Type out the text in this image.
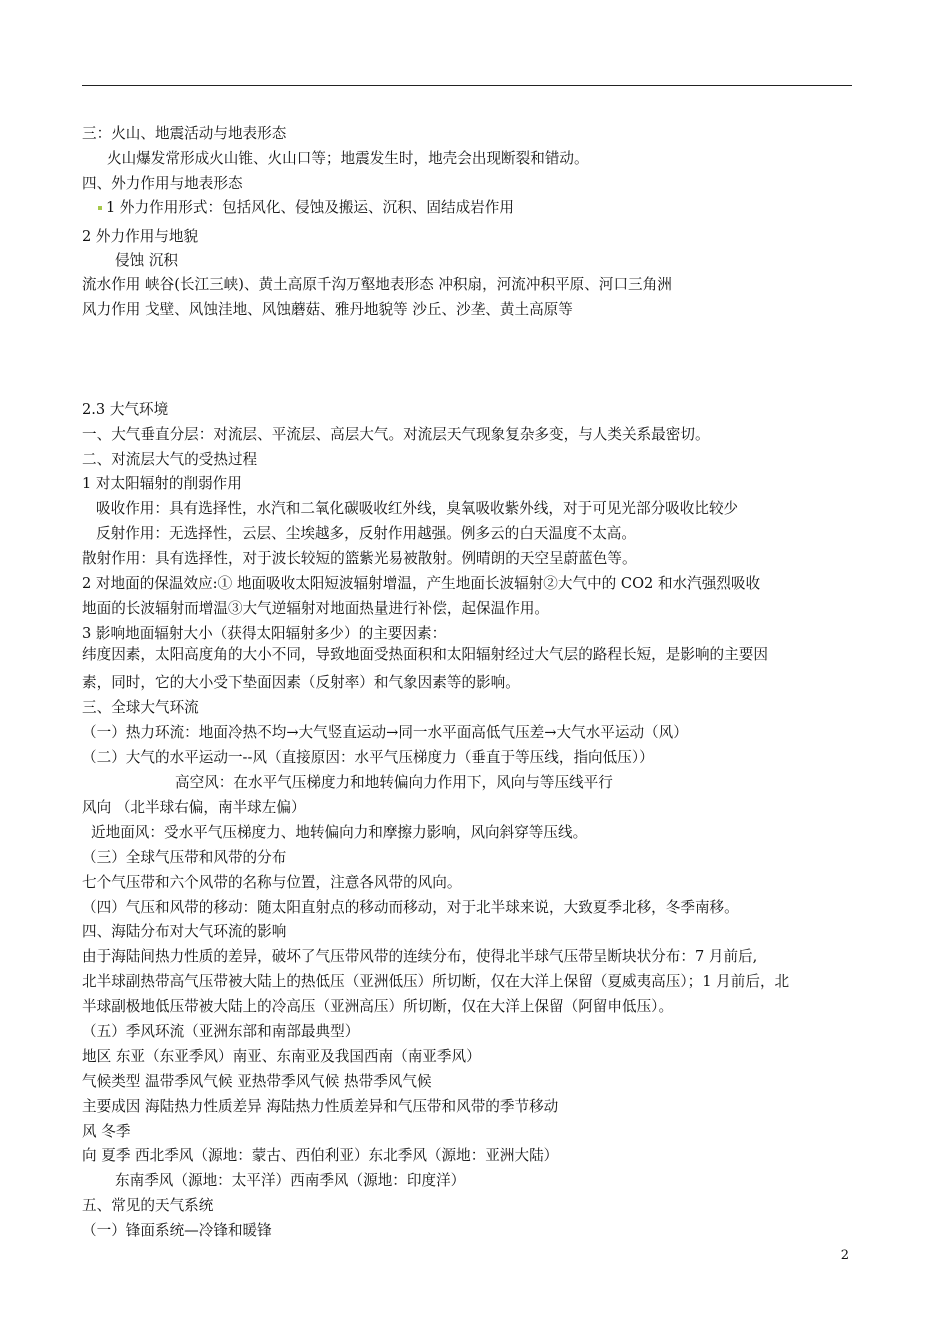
三：火山、地震活动与地表形态
火山爆发常形成火山锥、火山口等；地震发生时，地壳会出现断裂和错动。
四、外力作用与地表形态
1 外力作用形式：包括风化、侵蚀及搬运、沉积、固结成岩作用
2 外力作用与地貌
侵蚀 沉积
流水作用 峡谷(长江三峡)、黄土高原千沟万壑地表形态 冲积扇，河流冲积平原、河口三角洲
风力作用 戈壁、风蚀洼地、风蚀蘑菇、雅丹地貌等 沙丘、沙垄、黄土高原等
2.3 大气环境
一、大气垂直分层：对流层、平流层、高层大气。对流层天气现象复杂多变，与人类关系最密切。
二、对流层大气的受热过程
1 对太阳辐射的削弱作用
吸收作用：具有选择性，水汽和二氧化碳吸收红外线，臭氧吸收紫外线，对于可见光部分吸收比较少
反射作用：无选择性，云层、尘埃越多，反射作用越强。例多云的白天温度不太高。
散射作用：具有选择性，对于波长较短的篮紫光易被散射。例晴朗的天空呈蔚蓝色等。
2 对地面的保温效应:① 地面吸收太阳短波辐射增温，产生地面长波辐射②大气中的 CO2 和水汽强烈吸收
地面的长波辐射而增温③大气逆辐射对地面热量进行补偿，起保温作用。
3 影响地面辐射大小（获得太阳辐射多少）的主要因素：
纬度因素，太阳高度角的大小不同，导致地面受热面积和太阳辐射经过大气层的路程长短，是影响的主要因
素，同时，它的大小受下垫面因素（反射率）和气象因素等的影响。
三、全球大气环流
（一）热力环流：地面冷热不均→大气竖直运动→同一水平面高低气压差→大气水平运动（风）
（二）大气的水平运动一--风（直接原因：水平气压梯度力（垂直于等压线，指向低压））
高空风：在水平气压梯度力和地转偏向力作用下，风向与等压线平行
风向 （北半球右偏，南半球左偏）
近地面风：受水平气压梯度力、地转偏向力和摩擦力影响，风向斜穿等压线。
（三）全球气压带和风带的分布
七个气压带和六个风带的名称与位置，注意各风带的风向。
（四）气压和风带的移动：随太阳直射点的移动而移动，对于北半球来说，大致夏季北移，冬季南移。
四、海陆分布对大气环流的影响
由于海陆间热力性质的差异，破坏了气压带风带的连续分布，使得北半球气压带呈断块状分布：7 月前后,
北半球副热带高气压带被大陆上的热低压（亚洲低压）所切断，仅在大洋上保留（夏威夷高压）；1 月前后，北
半球副极地低压带被大陆上的冷高压（亚洲高压）所切断，仅在大洋上保留（阿留申低压）。
（五）季风环流（亚洲东部和南部最典型）
地区 东亚（东亚季风）南亚、东南亚及我国西南（南亚季风）
气候类型 温带季风气候 亚热带季风气候 热带季风气候
主要成因 海陆热力性质差异 海陆热力性质差异和气压带和风带的季节移动
风 冬季
向 夏季 西北季风（源地：蒙古、西伯利亚）东北季风（源地：亚洲大陆）
东南季风（源地：太平洋）西南季风（源地：印度洋）
五、常见的天气系统
（一）锋面系统—冷锋和暖锋
2
